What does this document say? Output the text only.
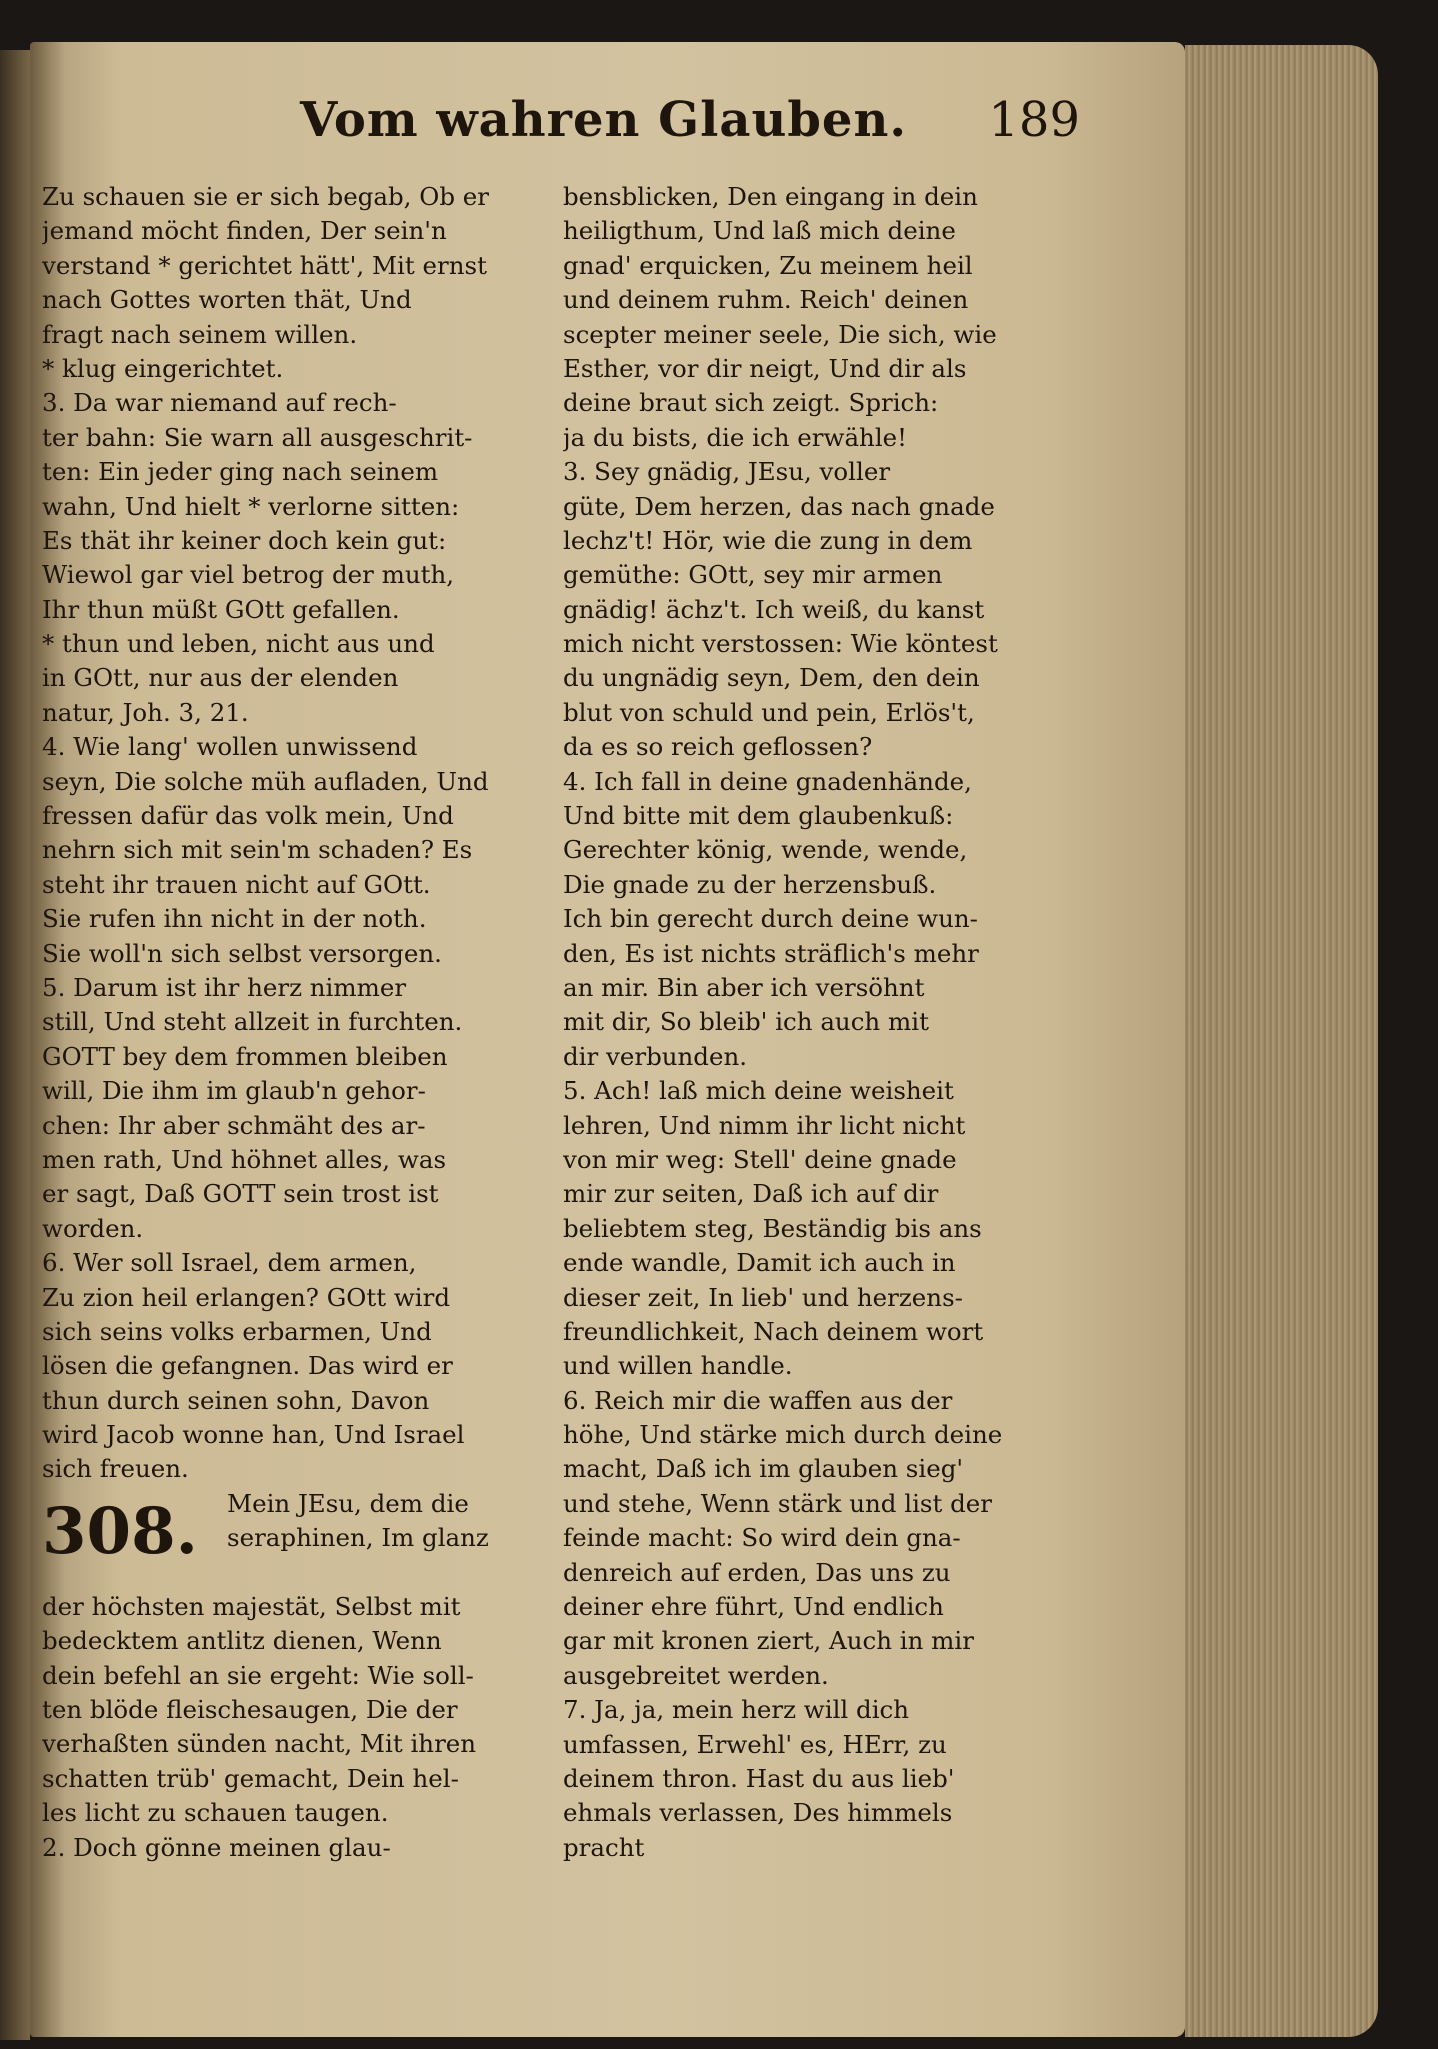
Vom wahren Glauben. 189
Zu schauen sie er sich begab, Ob er
jemand möcht finden, Der sein'n
verstand * gerichtet hätt', Mit ernst
nach Gottes worten thät, Und
fragt nach seinem willen.
* klug eingerichtet.
3. Da war niemand auf rech-
ter bahn: Sie warn all ausgeschrit-
ten: Ein jeder ging nach seinem
wahn, Und hielt * verlorne sitten:
Es thät ihr keiner doch kein gut:
Wiewol gar viel betrog der muth,
Ihr thun müßt GOtt gefallen.
* thun und leben, nicht aus und
in GOtt, nur aus der elenden
natur, Joh. 3, 21.
4. Wie lang' wollen unwissend
seyn, Die solche müh aufladen, Und
fressen dafür das volk mein, Und
nehrn sich mit sein'm schaden? Es
steht ihr trauen nicht auf GOtt.
Sie rufen ihn nicht in der noth.
Sie woll'n sich selbst versorgen.
5. Darum ist ihr herz nimmer
still, Und steht allzeit in furchten.
GOTT bey dem frommen bleiben
will, Die ihm im glaub'n gehor-
chen: Ihr aber schmäht des ar-
men rath, Und höhnet alles, was
er sagt, Daß GOTT sein trost ist
worden.
6. Wer soll Israel, dem armen,
Zu zion heil erlangen? GOtt wird
sich seins volks erbarmen, Und
lösen die gefangnen. Das wird er
thun durch seinen sohn, Davon
wird Jacob wonne han, Und Israel
sich freuen.
308. Mein JEsu, dem die
seraphinen, Im glanz
der höchsten majestät, Selbst mit
bedecktem antlitz dienen, Wenn
dein befehl an sie ergeht: Wie soll-
ten blöde fleischesaugen, Die der
verhaßten sünden nacht, Mit ihren
schatten trüb' gemacht, Dein hel-
les licht zu schauen taugen.
2. Doch gönne meinen glau-
bensblicken, Den eingang in dein
heiligthum, Und laß mich deine
gnad' erquicken, Zu meinem heil
und deinem ruhm. Reich' deinen
scepter meiner seele, Die sich, wie
Esther, vor dir neigt, Und dir als
deine braut sich zeigt. Sprich:
ja du bists, die ich erwähle!
3. Sey gnädig, JEsu, voller
güte, Dem herzen, das nach gnade
lechz't! Hör, wie die zung in dem
gemüthe: GOtt, sey mir armen
gnädig! ächz't. Ich weiß, du kanst
mich nicht verstossen: Wie köntest
du ungnädig seyn, Dem, den dein
blut von schuld und pein, Erlös't,
da es so reich geflossen?
4. Ich fall in deine gnadenhände,
Und bitte mit dem glaubenkuß:
Gerechter könig, wende, wende,
Die gnade zu der herzensbuß.
Ich bin gerecht durch deine wun-
den, Es ist nichts sträflich's mehr
an mir. Bin aber ich versöhnt
mit dir, So bleib' ich auch mit
dir verbunden.
5. Ach! laß mich deine weisheit
lehren, Und nimm ihr licht nicht
von mir weg: Stell' deine gnade
mir zur seiten, Daß ich auf dir
beliebtem steg, Beständig bis ans
ende wandle, Damit ich auch in
dieser zeit, In lieb' und herzens-
freundlichkeit, Nach deinem wort
und willen handle.
6. Reich mir die waffen aus der
höhe, Und stärke mich durch deine
macht, Daß ich im glauben sieg'
und stehe, Wenn stärk und list der
feinde macht: So wird dein gna-
denreich auf erden, Das uns zu
deiner ehre führt, Und endlich
gar mit kronen ziert, Auch in mir
ausgebreitet werden.
7. Ja, ja, mein herz will dich
umfassen, Erwehl' es, HErr, zu
deinem thron. Hast du aus lieb'
ehmals verlassen, Des himmels
pracht
